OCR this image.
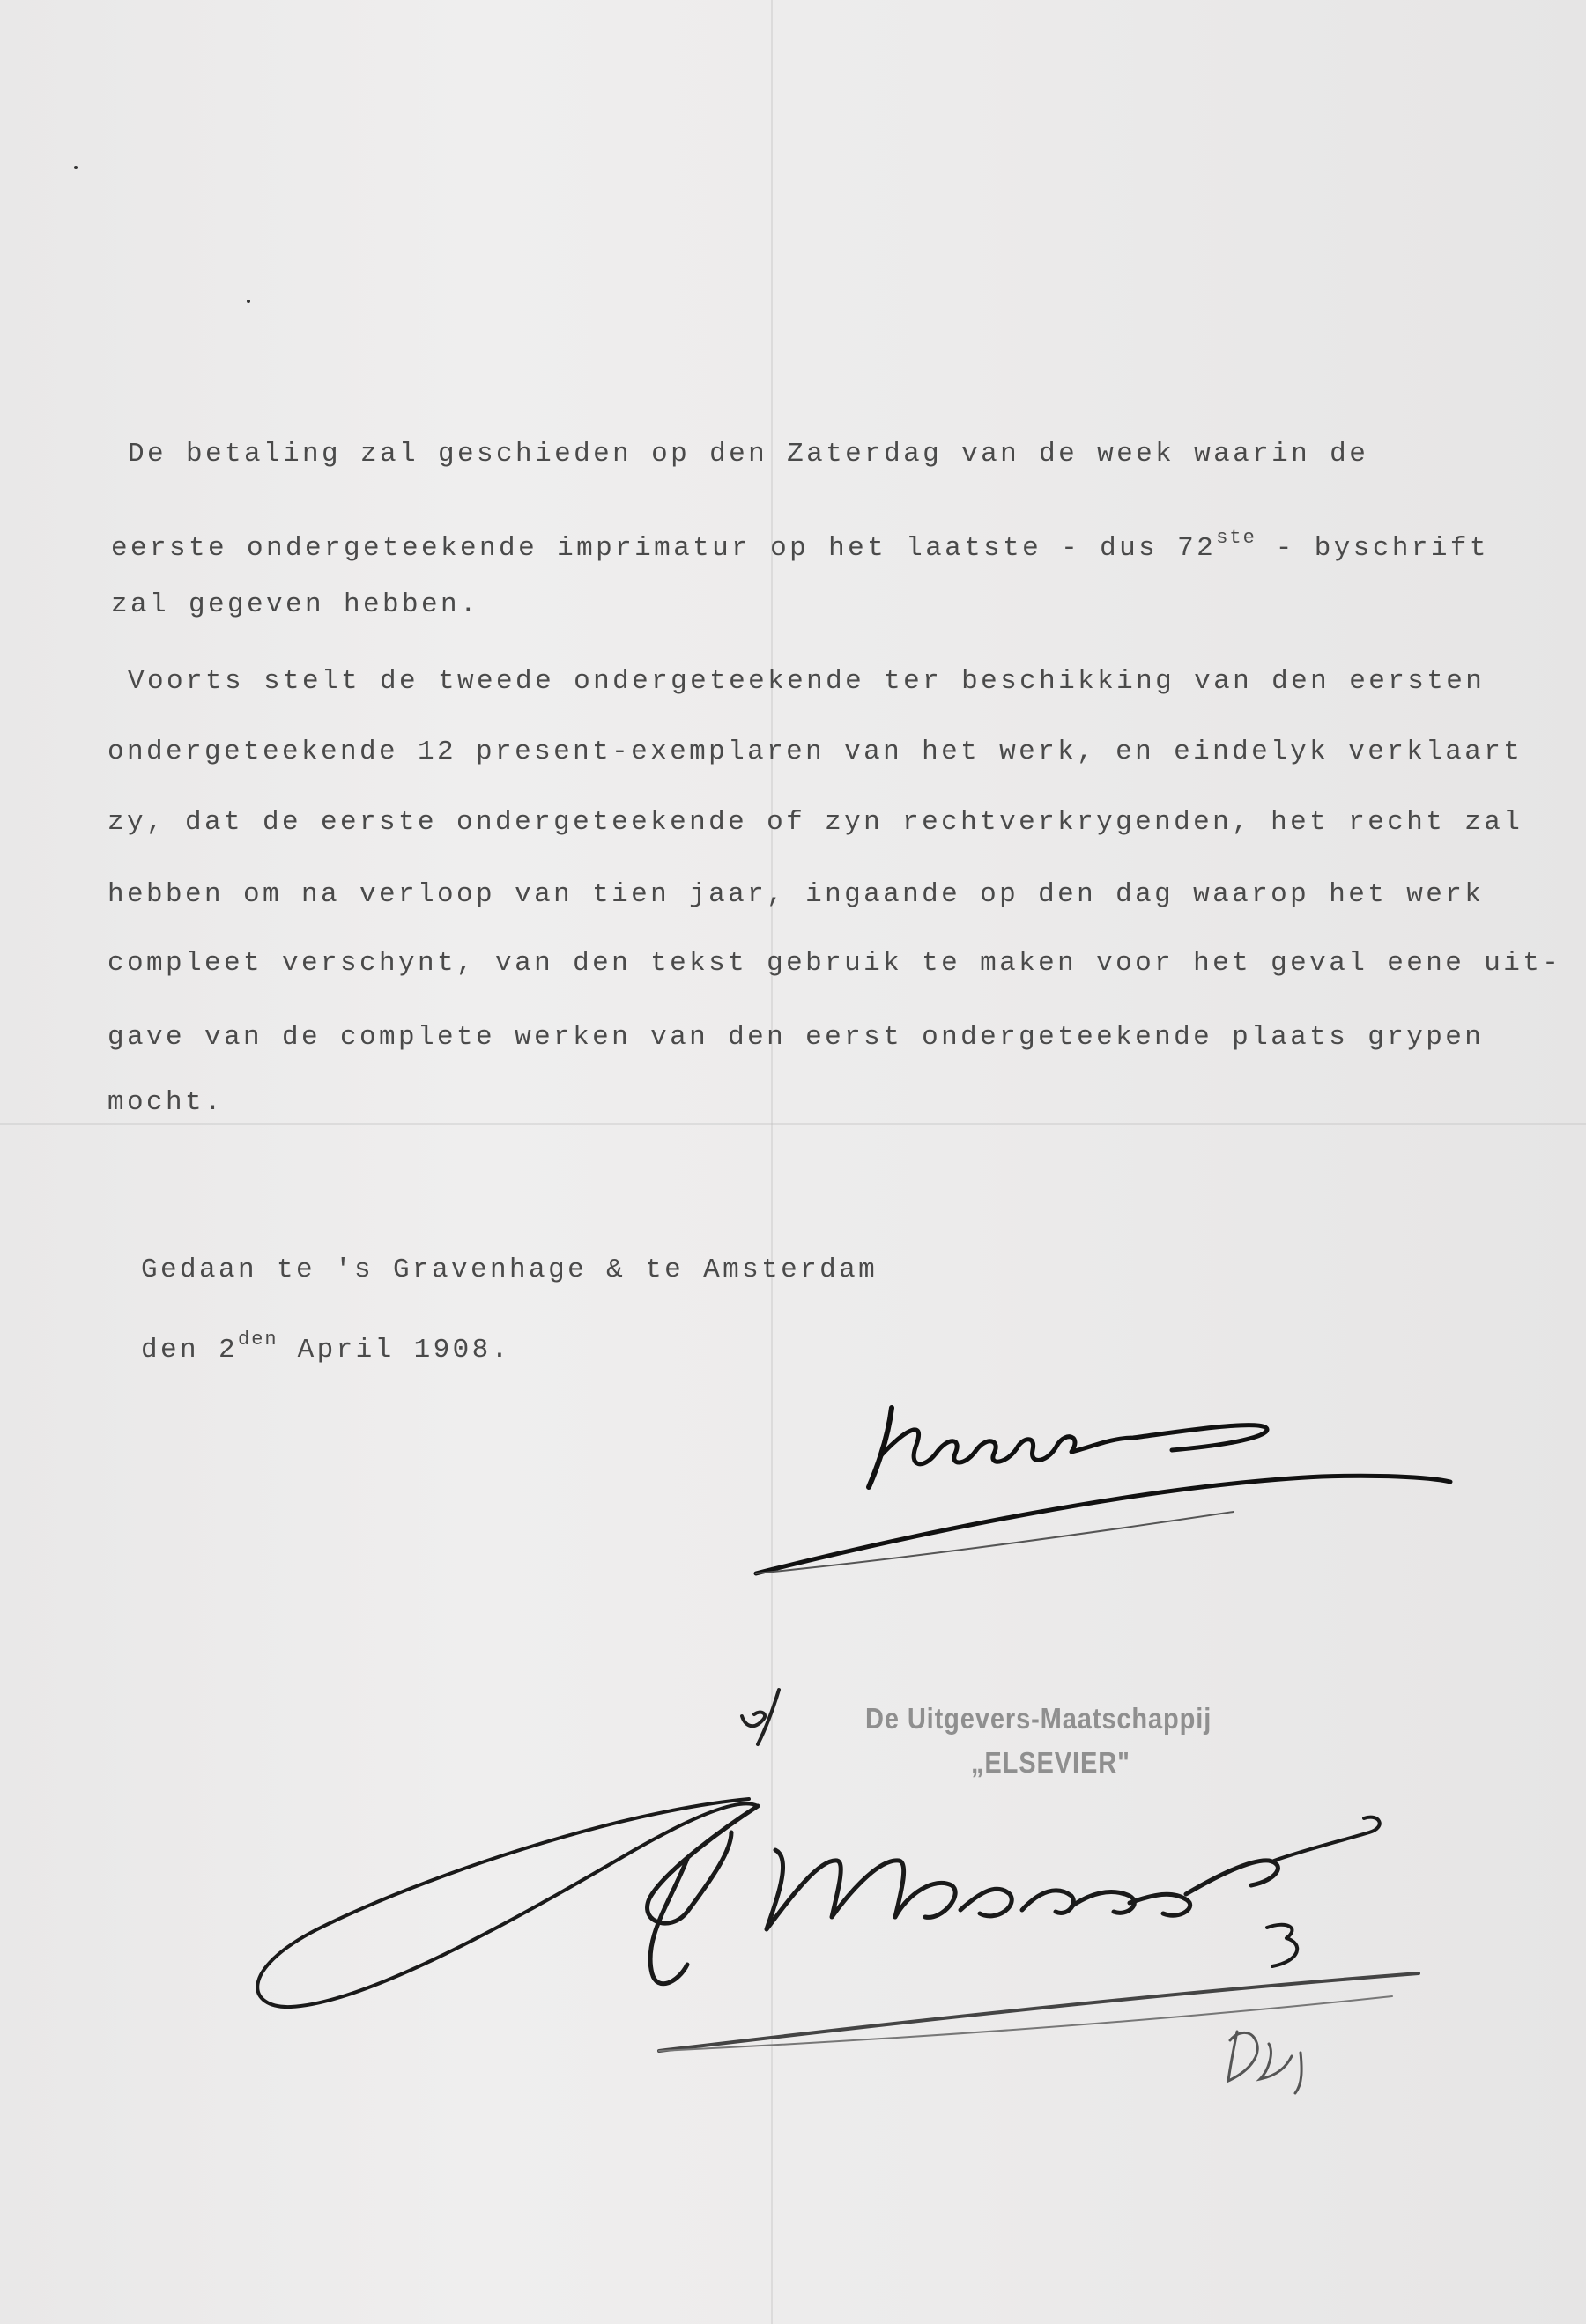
De betaling zal geschieden op den Zaterdag van de week waarin de

eerste ondergeteekende imprimatur op het laatste - dus 72ste - byschrift

zal gegeven hebben.

Voorts stelt de tweede ondergeteekende ter beschikking van den eersten

ondergeteekende 12 present-exemplaren van het werk, en eindelyk verklaart

zy, dat de eerste ondergeteekende of zyn rechtverkrygenden, het recht zal

hebben om na verloop van tien jaar, ingaande op den dag waarop het werk

compleet verschynt, van den tekst gebruik te maken voor het geval eene uit-

gave van de complete werken van den eerst ondergeteekende plaats grypen

mocht.

Gedaan te 's Gravenhage & te Amsterdam

den $2^{den}$ April 1908.

De Uitgevers-Maatschappij
„ELSEVIER"
